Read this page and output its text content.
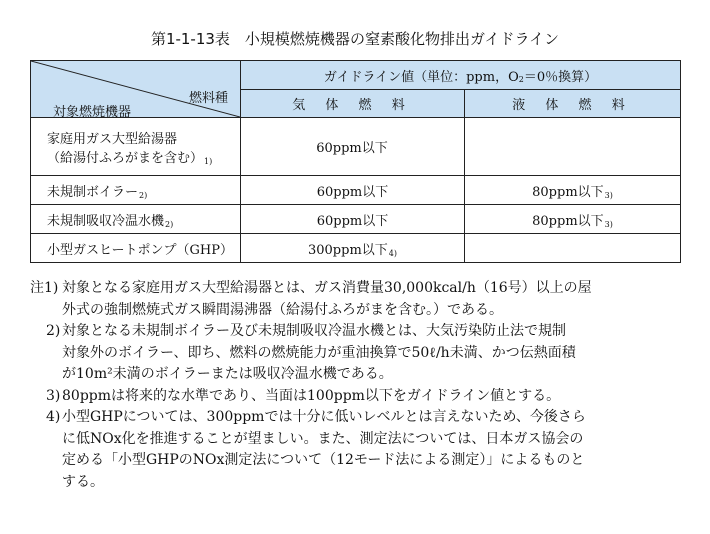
第1-1-13表　小規模燃焼機器の窒素酸化物排出ガイドライン
燃料種
対象燃焼機器	ガイドライン値（単位：ppm，$O_2=0$％換算）	
	気 体 燃 料	液 体 燃 料

家庭用ガス大型給湯器
（給湯付ふろがまを含む）$^{1)}$	60ppm以下	
未規制ボイラー$^{2)}$	60ppm以下	80ppm以下$^{3)}$
未規制吸収冷温水機$^{2)}$	60ppm以下	80ppm以下$^{3)}$
小型ガスヒートポンプ（GHP）	300ppm以下$^{4)}$	
注1) 対象となる家庭用ガス大型給湯器とは、ガス消費量30,000kcal/h（16号）以上の屋
外式の強制燃焼式ガス瞬間湯沸器（給湯付ふろがまを含む。）である。
2) 対象となる未規制ボイラー及び未規制吸収冷温水機とは、大気汚染防止法で規制
対象外のボイラー、即ち、燃料の燃焼能力が重油換算で50ℓ/h未満、かつ伝熱面積
が10m²未満のボイラーまたは吸収冷温水機である。
3) 80ppmは将来的な水準であり、当面は100ppm以下をガイドライン値とする。
4) 小型GHPについては、300ppmでは十分に低いレベルとは言えないため、今後さら
に低NOx化を推進することが望ましい。また、測定法については、日本ガス協会の
定める「小型GHPのNOx測定法について（12モード法による測定）」によるものと
する。
